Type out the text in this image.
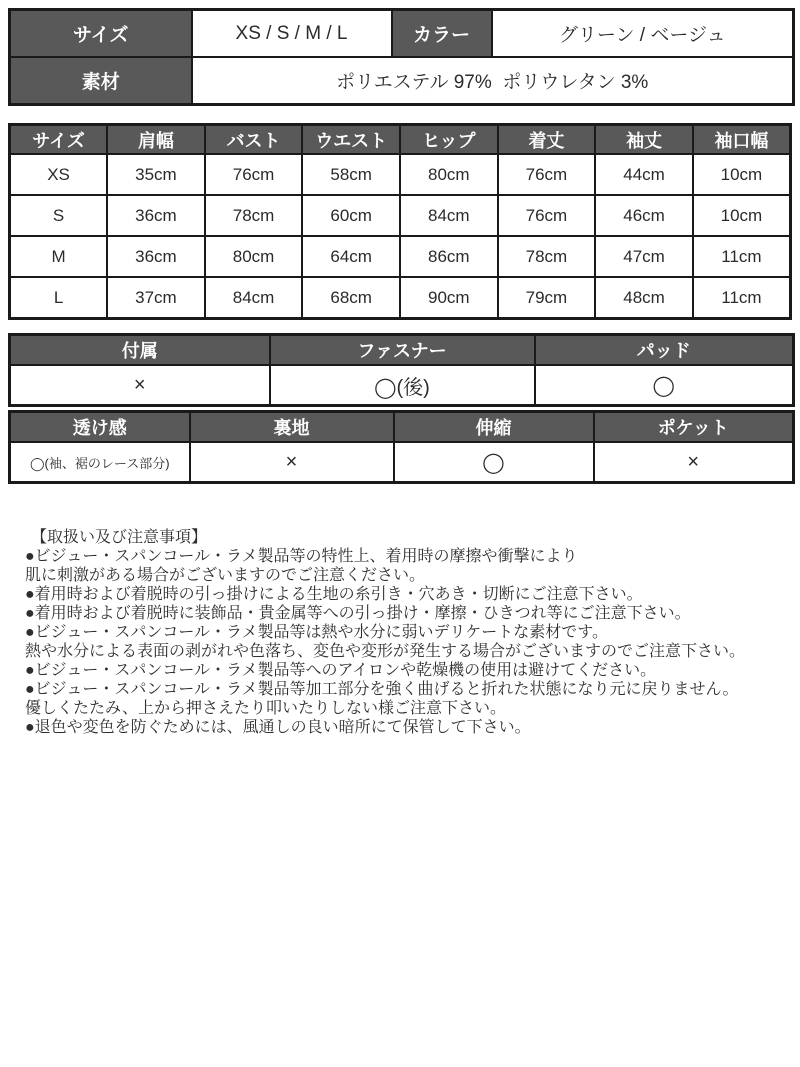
サイズ	XS / S / M / L	カラー	グリーン / ベージュ
素材	ポリエステル 97%  ポリウレタン 3%		
サイズ	肩幅	バスト	ウエスト	ヒップ	着丈	袖丈	袖口幅
XS	35cm	76cm	58cm	80cm	76cm	44cm	10cm
S	36cm	78cm	60cm	84cm	76cm	46cm	10cm
M	36cm	80cm	64cm	86cm	78cm	47cm	11cm
L	37cm	84cm	68cm	90cm	79cm	48cm	11cm
付属	ファスナー	パッド
×	◯(後)	◯
透け感	裏地	伸縮	ポケット
◯(袖、裾のレース部分)	×	◯	×
【取扱い及び注意事項】
●ビジュー・スパンコール・ラメ製品等の特性上、着用時の摩擦や衝撃により
肌に刺激がある場合がございますのでご注意ください。
●着用時および着脱時の引っ掛けによる生地の糸引き・穴あき・切断にご注意下さい。
●着用時および着脱時に装飾品・貴金属等への引っ掛け・摩擦・ひきつれ等にご注意下さい。
●ビジュー・スパンコール・ラメ製品等は熱や水分に弱いデリケートな素材です。
熱や水分による表面の剥がれや色落ち、変色や変形が発生する場合がございますのでご注意下さい。
●ビジュー・スパンコール・ラメ製品等へのアイロンや乾燥機の使用は避けてください。
●ビジュー・スパンコール・ラメ製品等加工部分を強く曲げると折れた状態になり元に戻りません。
優しくたたみ、上から押さえたり叩いたりしない様ご注意下さい。
●退色や変色を防ぐためには、風通しの良い暗所にて保管して下さい。
